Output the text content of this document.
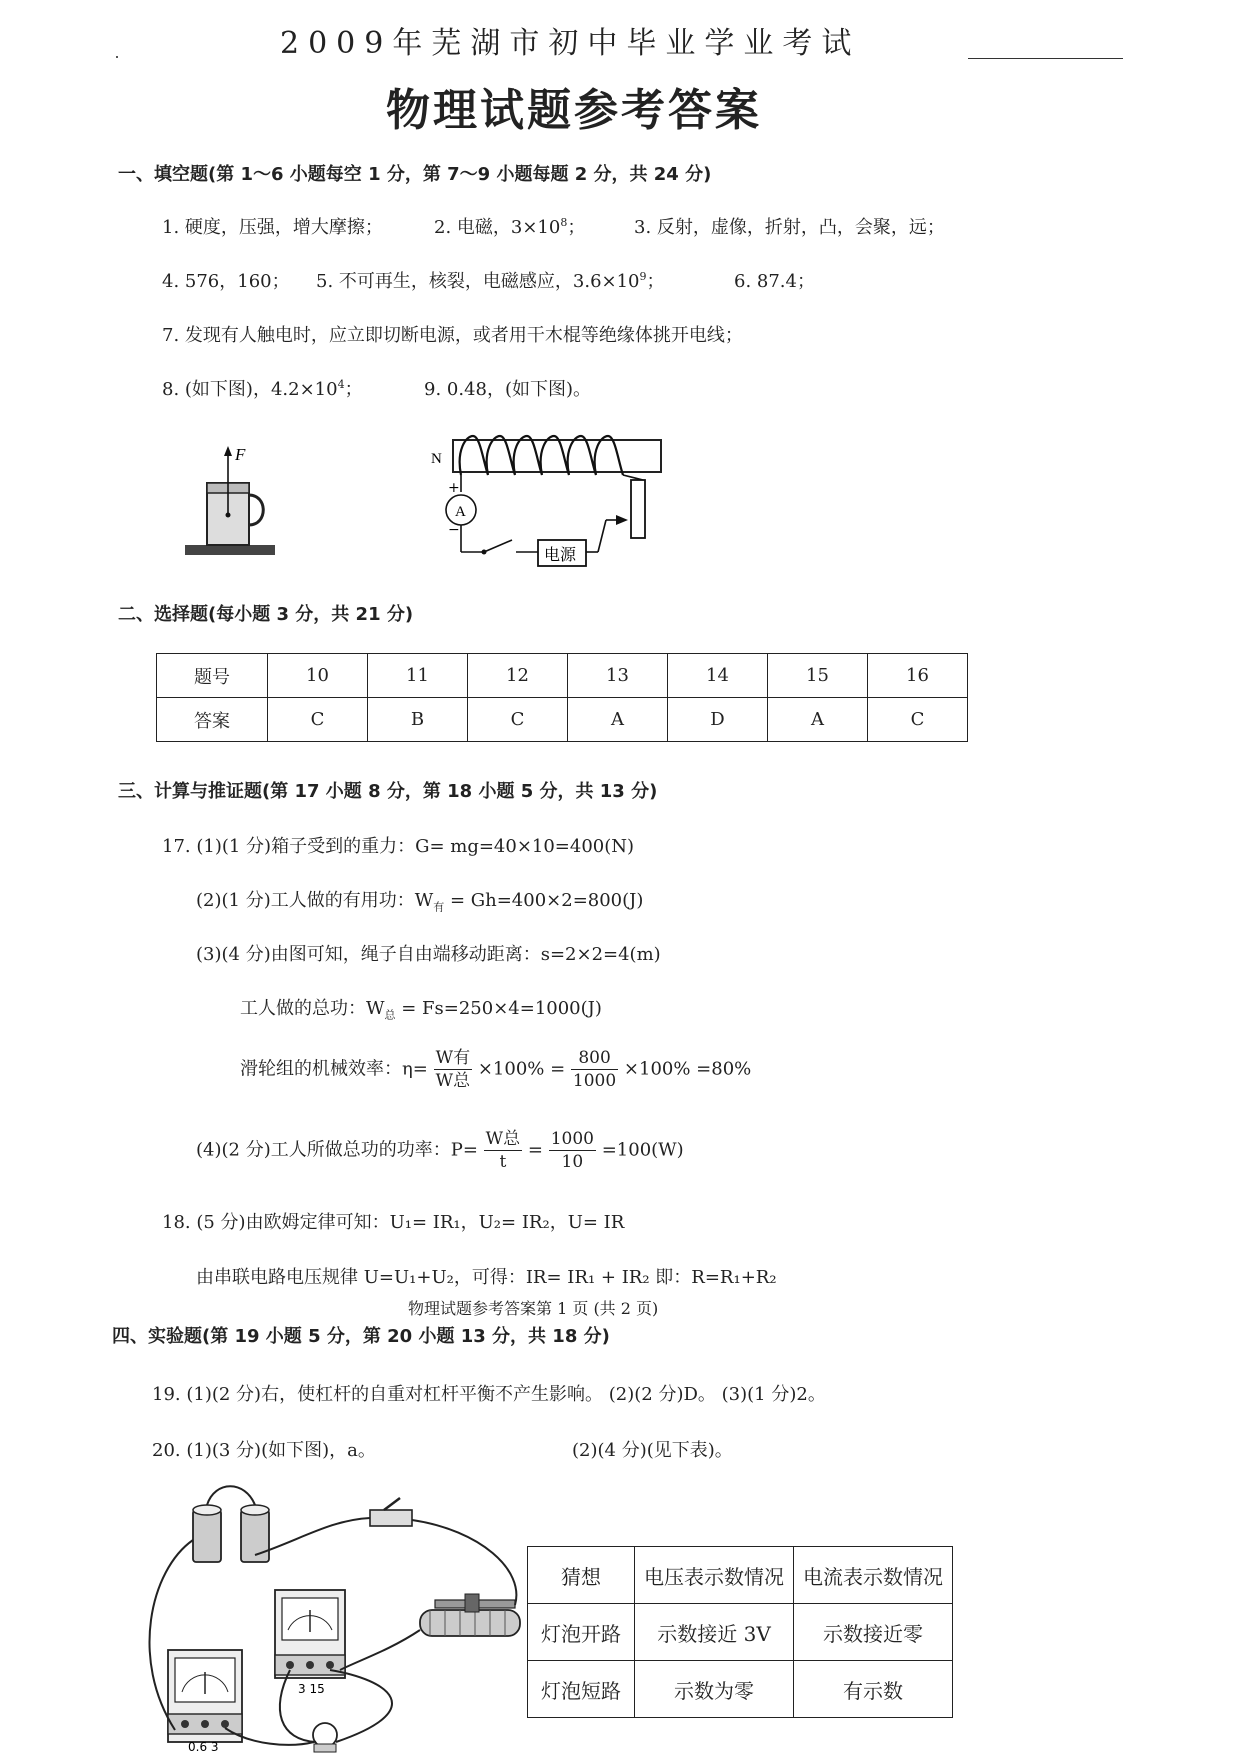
2009年芜湖市初中毕业学业考试
物理试题参考答案
一、填空题(第 1～6 小题每空 1 分，第 7～9 小题每题 2 分，共 24 分)
1. 硬度，压强，增大摩擦；	2. 电磁，$3\times 10^8$；	3. 反射，虚像，折射，凸，会聚，远；
4. 576，160； 5. 不可再生，核裂，电磁感应，$3.6\times 10^9$；	6. 87.4；
7. 发现有人触电时，应立即切断电源，或者用干木棍等绝缘体挑开电线；
8. (如下图)，$4.2\times 10^4$；	9. 0.48，(如下图)。
F	N
A
+
−
电源
二、选择题(每小题 3 分，共 21 分)
题号	10	11	12	13	14	15	16
答案	C	B	C	A	D	A	C
三、计算与推证题(第 17 小题 8 分，第 18 小题 5 分，共 13 分)
17. (1)(1 分)箱子受到的重力：G= mg=40×10=400(N)
(2)(1 分)工人做的有用功：$W_有 = Gh=400\times 2=800(J)$
(3)(4 分)由图可知，绳子自由端移动距离：s=2×2=4(m)
工人做的总功：$W_总 = Fs=250\times 4=1000(J)$
滑轮组的机械效率：$\eta= \frac{\text{W有}}{\text{W总}} \times 100\% = \frac{800}{1000} \times 100\% =80\%$
(4)(2 分)工人所做总功的功率：$P= \frac{\text{W总}}{t} = \frac{1000}{10} =100(W)$
18. (5 分)由欧姆定律可知：U₁= IR₁，U₂= IR₂，U= IR
由串联电路电压规律 U=U₁+U₂，可得：IR= IR₁ + IR₂ 即：R=R₁+R₂
物理试题参考答案第 1 页 (共 2 页)
四、实验题(第 19 小题 5 分，第 20 小题 13 分，共 18 分)
19. (1)(2 分)右，使杠杆的自重对杠杆平衡不产生影响。 (2)(2 分)D。 (3)(1 分)2。
20. (1)(3 分)(如下图)，a。	(2)(4 分)(见下表)。
3 15
0.6 3
猜想	电压表示数情况	电流表示数情况
灯泡开路	示数接近 3V	示数接近零
灯泡短路	示数为零	有示数
